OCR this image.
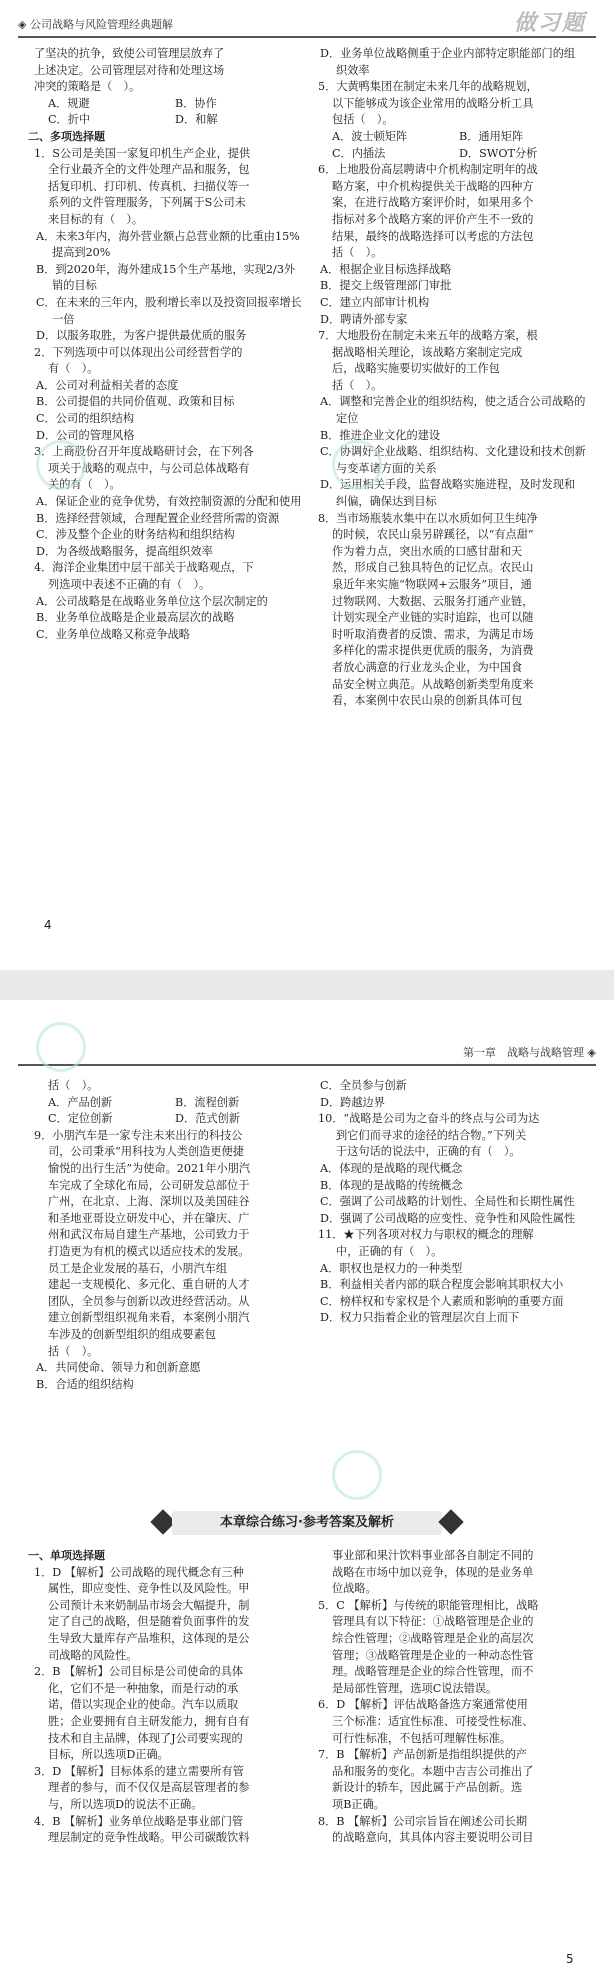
◈ 公司战略与风险管理经典题解	做习题

了坚决的抗争，致使公司管理层放弃了

上述决定。公司管理层对待和处理这场

冲突的策略是（　）。

A．规避	B．协作
C．折中	D．和解

二、多项选择题

1．S公司是美国一家复印机生产企业，提供

全行业最齐全的文件处理产品和服务，包

括复印机、打印机、传真机、扫描仪等一

系列的文件管理服务，下列属于S公司未

来目标的有（　）。

A．未来3年内，海外营业额占总营业额的比重由15%提高到20%

B．到2020年，海外建成15个生产基地，实现2/3外销的目标

C．在未来的三年内，股利增长率以及投资回报率增长一倍

D．以服务取胜，为客户提供最优质的服务

2．下列选项中可以体现出公司经营哲学的

有（　）。

A．公司对利益相关者的态度

B．公司提倡的共同价值观、政策和目标

C．公司的组织结构

D．公司的管理风格

3．上商股份召开年度战略研讨会，在下列各

项关于战略的观点中，与公司总体战略有

关的有（　）。

A．保证企业的竞争优势，有效控制资源的分配和使用

B．选择经营领域，合理配置企业经营所需的资源

C．涉及整个企业的财务结构和组织结构

D．为各级战略服务，提高组织效率

4．海洋企业集团中层干部关于战略观点，下

列选项中表述不正确的有（　）。

A．公司战略是在战略业务单位这个层次制定的

B．业务单位战略是企业最高层次的战略

C．业务单位战略又称竞争战略

D．业务单位战略侧重于企业内部特定职能部门的组织效率

5．大黄鸭集团在制定未来几年的战略规划，

以下能够成为该企业常用的战略分析工具

包括（　）。

A．波士顿矩阵	B．通用矩阵
C．内插法	D．SWOT分析

6．上地股份高层聘请中介机构制定明年的战

略方案，中介机构提供关于战略的四种方

案，在进行战略方案评价时，如果用多个

指标对多个战略方案的评价产生不一致的

结果，最终的战略选择可以考虑的方法包

括（　）。

A．根据企业目标选择战略

B．提交上级管理部门审批

C．建立内部审计机构

D．聘请外部专家

7．大地股份在制定未来五年的战略方案，根

据战略相关理论，该战略方案制定完成

后，战略实施要切实做好的工作包

括（　）。

A．调整和完善企业的组织结构，使之适合公司战略的定位

B．推进企业文化的建设

C．协调好企业战略、组织结构、文化建设和技术创新与变革诸方面的关系

D．运用相关手段，监督战略实施进程，及时发现和纠偏，确保达到目标

8．当市场瓶装水集中在以水质如何卫生纯净

的时候，农民山泉另辟蹊径，以“有点甜”

作为着力点，突出水质的口感甘甜和天

然，形成自己独具特色的记忆点。农民山

泉近年来实施“物联网+云服务”项目，通

过物联网、大数据、云服务打通产业链，

计划实现全产业链的实时追踪，也可以随

时听取消费者的反馈、需求，为满足市场

多样化的需求提供更优质的服务，为消费

者放心满意的行业龙头企业，为中国食

品安全树立典范。从战略创新类型角度来

看，本案例中农民山泉的创新具体可包

4
第一章　战略与战略管理 ◈

括（　）。

A．产品创新	B．流程创新
C．定位创新	D．范式创新

9．小朋汽车是一家专注未来出行的科技公

司，公司秉承“用科技为人类创造更便捷

愉悦的出行生活”为使命。2021年小朋汽

车完成了全球化布局，公司研发总部位于

广州，在北京、上海、深圳以及美国硅谷

和圣地亚哥设立研发中心，并在肇庆、广

州和武汉布局自建生产基地，公司致力于

打造更为有机的模式以适应技术的发展。

员工是企业发展的基石，小朋汽车组

建起一支规模化、多元化、重自研的人才

团队，全员参与创新以改进经营活动。从

建立创新型组织视角来看，本案例小朋汽

车涉及的创新型组织的组成要素包

括（　）。

A．共同使命、领导力和创新意愿

B．合适的组织结构

C．全员参与创新

D．跨越边界

10．“战略是公司为之奋斗的终点与公司为达

到它们而寻求的途径的结合物。”下列关

于这句话的说法中，正确的有（　）。

A．体现的是战略的现代概念

B．体现的是战略的传统概念

C．强调了公司战略的计划性、全局性和长期性属性

D．强调了公司战略的应变性、竞争性和风险性属性

11．★下列各项对权力与职权的概念的理解

中，正确的有（　）。

A．职权也是权力的一种类型

B．利益相关者内部的联合程度会影响其职权大小

C．榜样权和专家权是个人素质和影响的重要方面

D．权力只指着企业的管理层次自上而下

本章综合练习·参考答案及解析

一、单项选择题

1．D 【解析】公司战略的现代概念有三种

属性，即应变性、竞争性以及风险性。甲

公司预计未来奶制品市场会大幅提升，制

定了自己的战略，但是随着负面事件的发

生导致大量库存产品堆积，这体现的是公

司战略的风险性。

2．B 【解析】公司目标是公司使命的具体

化，它们不是一种抽象，而是行动的承

诺，借以实现企业的使命。汽车以质取

胜；企业要拥有自主研发能力，拥有自有

技术和自主品牌，体现了J公司要实现的

目标，所以选项D正确。

3．D 【解析】目标体系的建立需要所有管

理者的参与，而不仅仅是高层管理者的参

与，所以选项D的说法不正确。

4．B 【解析】业务单位战略是事业部门管

理层制定的竞争性战略。甲公司碳酸饮料

事业部和果汁饮料事业部各自制定不同的

战略在市场中加以竞争，体现的是业务单

位战略。

5．C 【解析】与传统的职能管理相比，战略

管理具有以下特征：①战略管理是企业的

综合性管理；②战略管理是企业的高层次

管理；③战略管理是企业的一种动态性管

理。战略管理是企业的综合性管理，而不

是局部性管理，选项C说法错误。

6．D 【解析】评估战略备选方案通常使用

三个标准：适宜性标准、可接受性标准、

可行性标准，不包括可理解性标准。

7．B 【解析】产品创新是指组织提供的产

品和服务的变化。本题中吉吉公司推出了

新设计的轿车，因此属于产品创新。选

项B正确。

8．B 【解析】公司宗旨旨在阐述公司长期

的战略意向，其具体内容主要说明公司目

5
